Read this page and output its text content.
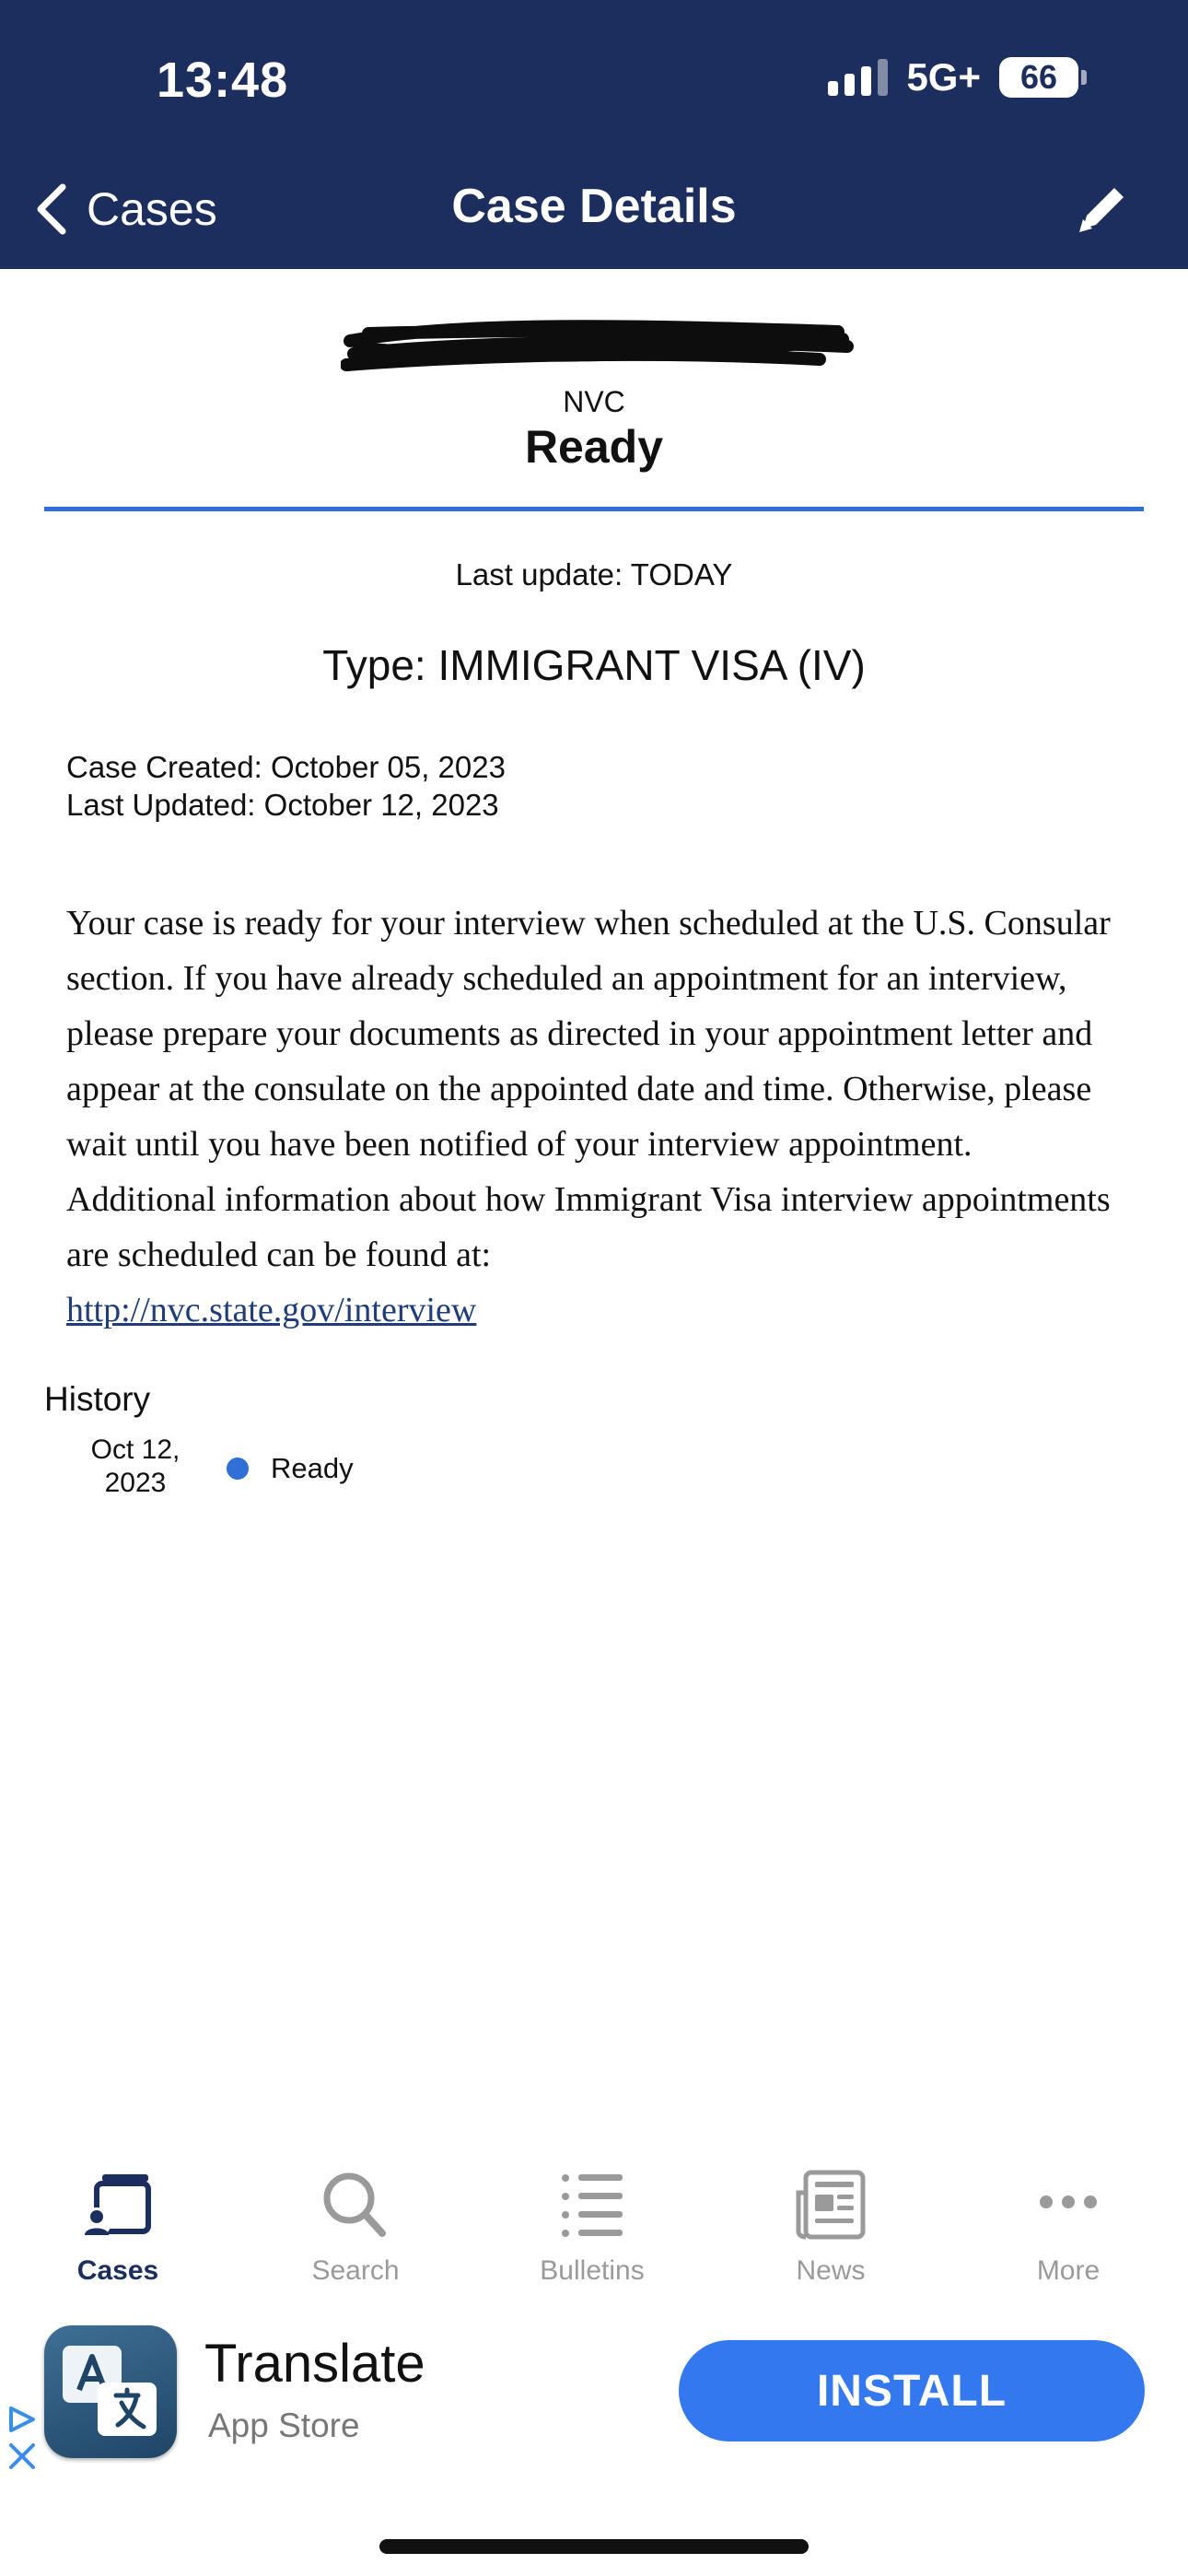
13:48	5G+	66
Cases	Case Details
NVC
Ready
Last update: TODAY
Type: IMMIGRANT VISA (IV)
Case Created: October 05, 2023
Last Updated: October 12, 2023
Your case is ready for your interview when scheduled at the U.S. Consular section. If you have already scheduled an appointment for an interview, please prepare your documents as directed in your appointment letter and appear at the consulate on the appointed date and time. Otherwise, please wait until you have been notified of your interview appointment. Additional information about how Immigrant Visa interview appointments are scheduled can be found at:
http://nvc.state.gov/interview
History
Oct 12,
2023	Ready
Cases	Search	Bulletins	News	More
Translate
App Store
INSTALL
